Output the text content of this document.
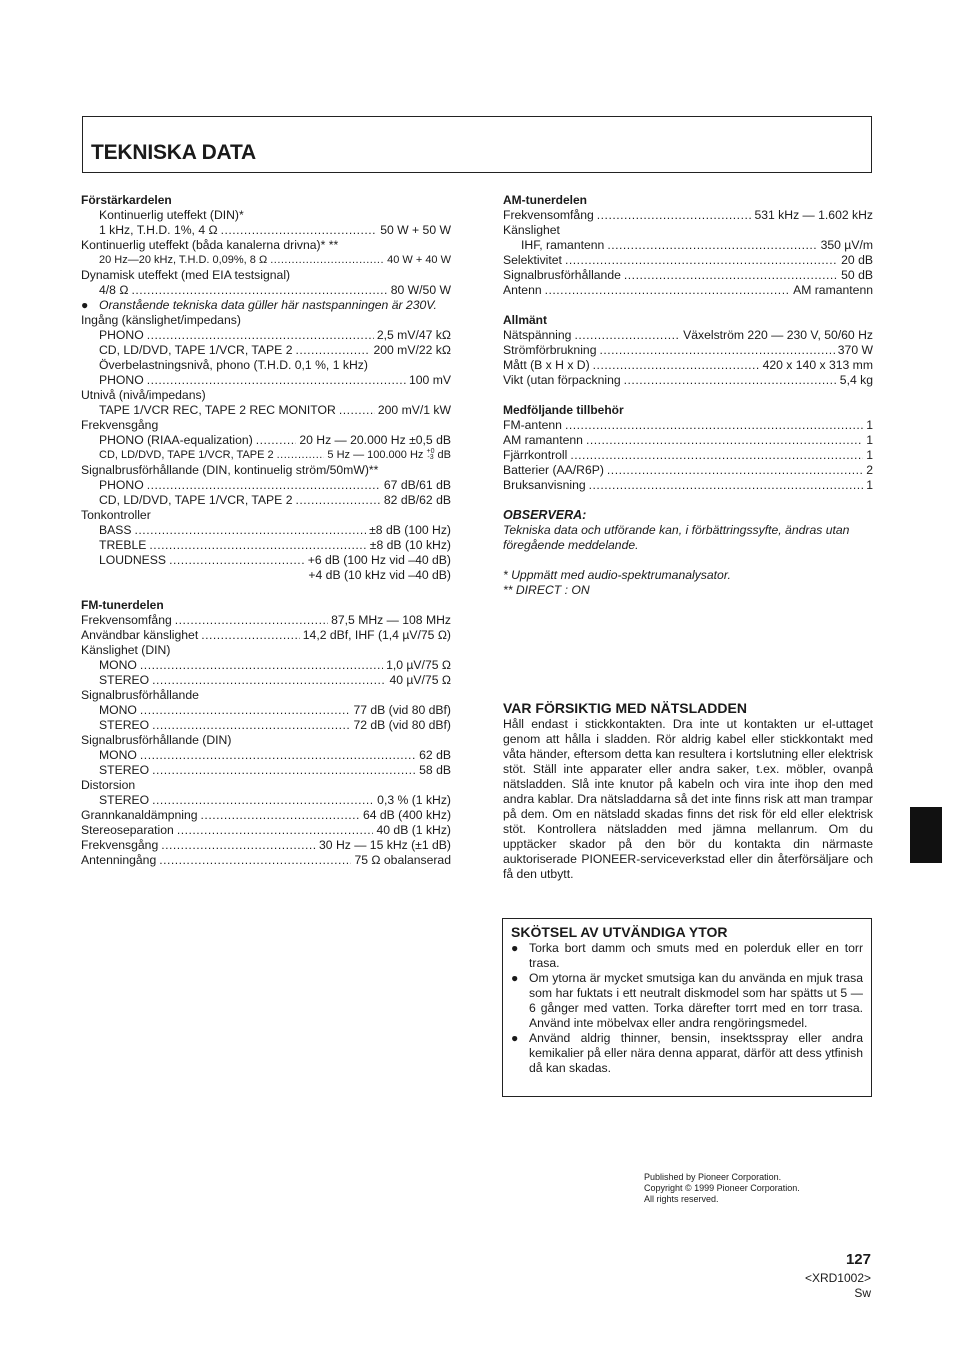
TEKNISKA DATA
Förstärkardelen
Kontinuerlig uteffekt (DIN)*
1 kHz, T.H.D. 1%, 4 Ω .....	50 W + 50 W
Kontinuerlig uteffekt (båda kanalerna drivna)* **
20 Hz—20 kHz, T.H.D. 0,09%, 8 Ω .....	40 W + 40 W
Dynamisk uteffekt (med EIA testsignal)
4/8 Ω .....	80 W/50 W
● Oranstående tekniska data güller här nastspanningen är 230V.
Ingång (känslighet/impedans)
PHONO .....	2,5 mV/47 kΩ
CD, LD/DVD, TAPE 1/VCR, TAPE 2 .....	200 mV/22 kΩ
Överbelastningsnivå, phono (T.H.D. 0,1 %, 1 kHz)
PHONO .....	100 mV
Utnivå (nivå/impedans)
TAPE 1/VCR REC, TAPE 2 REC MONITOR .....	200 mV/1 kW
Frekvensgång
PHONO (RIAA-equalization) .....	20 Hz — 20.000 Hz ±0,5 dB
CD, LD/DVD, TAPE 1/VCR, TAPE 2 .....	5 Hz — 100.000 Hz +0
-3 dB
Signalbrusförhållande (DIN, kontinuelig ström/50mW)**
PHONO .....	67 dB/61 dB
CD, LD/DVD, TAPE 1/VCR, TAPE 2 .....	82 dB/62 dB
Tonkontroller
BASS .....	±8 dB (100 Hz)
TREBLE .....	±8 dB (10 kHz)
LOUDNESS .....	+6 dB (100 Hz vid –40 dB)
+4 dB (10 kHz vid –40 dB)
FM-tunerdelen
Frekvensomfång .....	87,5 MHz — 108 MHz
Användbar känslighet .....	14,2 dBf, IHF (1,4 µV/75 Ω)
Känslighet (DIN)
MONO .....	1,0 µV/75 Ω
STEREO .....	40 µV/75 Ω
Signalbrusförhållande
MONO .....	77 dB (vid 80 dBf)
STEREO .....	72 dB (vid 80 dBf)
Signalbrusförhållande (DIN)
MONO .....	62 dB
STEREO .....	58 dB
Distorsion
STEREO .....	0,3 % (1 kHz)
Grannkanaldämpning .....	64 dB (400 kHz)
Stereoseparation .....	40 dB (1 kHz)
Frekvensgång .....	30 Hz — 15 kHz (±1 dB)
Antenningång .....	75 Ω obalanserad
AM-tunerdelen
Frekvensomfång .....	531 kHz — 1.602 kHz
Känslighet
IHF, ramantenn .....	350 µV/m
Selektivitet .....	20 dB
Signalbrusförhållande .....	50 dB
Antenn .....	AM ramantenn
Allmänt
Nätspänning .....	Växelström 220 — 230 V, 50/60 Hz
Strömförbrukning .....	370 W
Mått (B x H x D) .....	420 x 140 x 313 mm
Vikt (utan förpackning .....	5,4 kg
Medföljande tillbehör
FM-antenn .....	1
AM ramantenn .....	1
Fjärrkontroll .....	1
Batterier (AA/R6P) .....	2
Bruksanvisning .....	1
OBSERVERA:
Tekniska data och utförande kan, i förbättringssyfte, ändras utan föregående meddelande.
* Uppmätt med audio-spektrumanalysator.
** DIRECT : ON
VAR FÖRSIKTIG MED NÄTSLADDEN

Håll endast i stickkontakten. Dra inte ut kontakten ur el-uttaget genom att hålla i sladden. Rör aldrig kabel eller stickkontakt med våta händer, eftersom detta kan resultera i kortslutning eller elektrisk stöt. Ställ inte apparater eller andra saker, t.ex. möbler, ovanpå nätsladden. Slå inte knutor på kabeln och vira inte ihop den med andra kablar. Dra nätsladdarna så det inte finns risk att man trampar på dem. Om en nätsladd skadas finns det risk för eld eller elektrisk stöt. Kontrollera nätsladden med jämna mellanrum. Om du upptäcker skador på den bör du kontakta din närmaste auktoriserade PIONEER-serviceverkstad eller din återförsäljare och få den utbytt.

SKÖTSEL AV UTVÄNDIGA YTOR
● Torka bort damm och smuts med en polerduk eller en torr trasa.
● Om ytorna är mycket smutsiga kan du använda en mjuk trasa som har fuktats i ett neutralt diskmodel som har spätts ut 5 — 6 gånger med vatten. Torka därefter torrt med en torr trasa. Använd inte möbelvax eller andra rengöringsmedel.
● Använd aldrig thinner, bensin, insektsspray eller andra kemikalier på eller nära denna apparat, därför att dess ytfinish då kan skadas.
Published by Pioneer Corporation.
Copyright © 1999 Pioneer Corporation.
All rights reserved.
127
<XRD1002>
Sw
